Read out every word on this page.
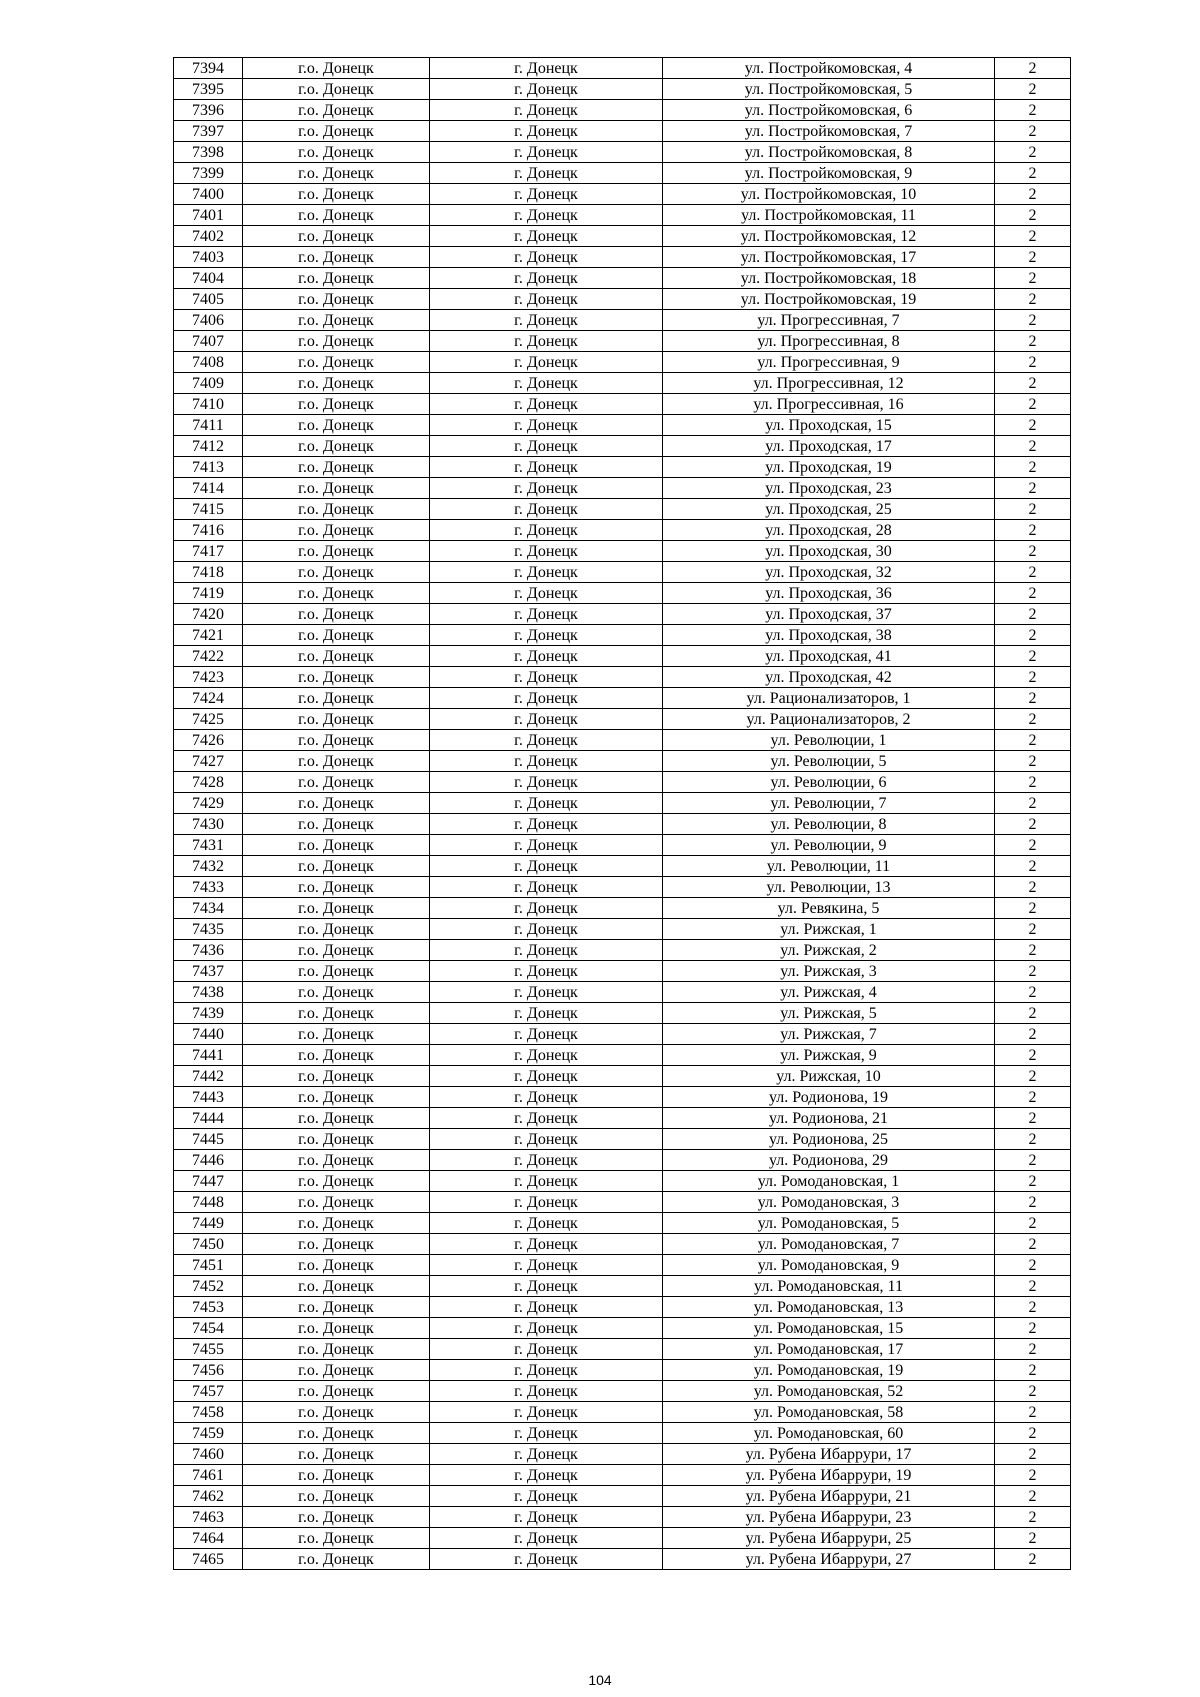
7394	г.о. Донецк	г. Донецк	ул. Постройкомовская, 4	2
7395	г.о. Донецк	г. Донецк	ул. Постройкомовская, 5	2
7396	г.о. Донецк	г. Донецк	ул. Постройкомовская, 6	2
7397	г.о. Донецк	г. Донецк	ул. Постройкомовская, 7	2
7398	г.о. Донецк	г. Донецк	ул. Постройкомовская, 8	2
7399	г.о. Донецк	г. Донецк	ул. Постройкомовская, 9	2
7400	г.о. Донецк	г. Донецк	ул. Постройкомовская, 10	2
7401	г.о. Донецк	г. Донецк	ул. Постройкомовская, 11	2
7402	г.о. Донецк	г. Донецк	ул. Постройкомовская, 12	2
7403	г.о. Донецк	г. Донецк	ул. Постройкомовская, 17	2
7404	г.о. Донецк	г. Донецк	ул. Постройкомовская, 18	2
7405	г.о. Донецк	г. Донецк	ул. Постройкомовская, 19	2
7406	г.о. Донецк	г. Донецк	ул. Прогрессивная, 7	2
7407	г.о. Донецк	г. Донецк	ул. Прогрессивная, 8	2
7408	г.о. Донецк	г. Донецк	ул. Прогрессивная, 9	2
7409	г.о. Донецк	г. Донецк	ул. Прогрессивная, 12	2
7410	г.о. Донецк	г. Донецк	ул. Прогрессивная, 16	2
7411	г.о. Донецк	г. Донецк	ул. Проходская, 15	2
7412	г.о. Донецк	г. Донецк	ул. Проходская, 17	2
7413	г.о. Донецк	г. Донецк	ул. Проходская, 19	2
7414	г.о. Донецк	г. Донецк	ул. Проходская, 23	2
7415	г.о. Донецк	г. Донецк	ул. Проходская, 25	2
7416	г.о. Донецк	г. Донецк	ул. Проходская, 28	2
7417	г.о. Донецк	г. Донецк	ул. Проходская, 30	2
7418	г.о. Донецк	г. Донецк	ул. Проходская, 32	2
7419	г.о. Донецк	г. Донецк	ул. Проходская, 36	2
7420	г.о. Донецк	г. Донецк	ул. Проходская, 37	2
7421	г.о. Донецк	г. Донецк	ул. Проходская, 38	2
7422	г.о. Донецк	г. Донецк	ул. Проходская, 41	2
7423	г.о. Донецк	г. Донецк	ул. Проходская, 42	2
7424	г.о. Донецк	г. Донецк	ул. Рационализаторов, 1	2
7425	г.о. Донецк	г. Донецк	ул. Рационализаторов, 2	2
7426	г.о. Донецк	г. Донецк	ул. Революции, 1	2
7427	г.о. Донецк	г. Донецк	ул. Революции, 5	2
7428	г.о. Донецк	г. Донецк	ул. Революции, 6	2
7429	г.о. Донецк	г. Донецк	ул. Революции, 7	2
7430	г.о. Донецк	г. Донецк	ул. Революции, 8	2
7431	г.о. Донецк	г. Донецк	ул. Революции, 9	2
7432	г.о. Донецк	г. Донецк	ул. Революции, 11	2
7433	г.о. Донецк	г. Донецк	ул. Революции, 13	2
7434	г.о. Донецк	г. Донецк	ул. Ревякина, 5	2
7435	г.о. Донецк	г. Донецк	ул. Рижская, 1	2
7436	г.о. Донецк	г. Донецк	ул. Рижская, 2	2
7437	г.о. Донецк	г. Донецк	ул. Рижская, 3	2
7438	г.о. Донецк	г. Донецк	ул. Рижская, 4	2
7439	г.о. Донецк	г. Донецк	ул. Рижская, 5	2
7440	г.о. Донецк	г. Донецк	ул. Рижская, 7	2
7441	г.о. Донецк	г. Донецк	ул. Рижская, 9	2
7442	г.о. Донецк	г. Донецк	ул. Рижская, 10	2
7443	г.о. Донецк	г. Донецк	ул. Родионова, 19	2
7444	г.о. Донецк	г. Донецк	ул. Родионова, 21	2
7445	г.о. Донецк	г. Донецк	ул. Родионова, 25	2
7446	г.о. Донецк	г. Донецк	ул. Родионова, 29	2
7447	г.о. Донецк	г. Донецк	ул. Ромодановская, 1	2
7448	г.о. Донецк	г. Донецк	ул. Ромодановская, 3	2
7449	г.о. Донецк	г. Донецк	ул. Ромодановская, 5	2
7450	г.о. Донецк	г. Донецк	ул. Ромодановская, 7	2
7451	г.о. Донецк	г. Донецк	ул. Ромодановская, 9	2
7452	г.о. Донецк	г. Донецк	ул. Ромодановская, 11	2
7453	г.о. Донецк	г. Донецк	ул. Ромодановская, 13	2
7454	г.о. Донецк	г. Донецк	ул. Ромодановская, 15	2
7455	г.о. Донецк	г. Донецк	ул. Ромодановская, 17	2
7456	г.о. Донецк	г. Донецк	ул. Ромодановская, 19	2
7457	г.о. Донецк	г. Донецк	ул. Ромодановская, 52	2
7458	г.о. Донецк	г. Донецк	ул. Ромодановская, 58	2
7459	г.о. Донецк	г. Донецк	ул. Ромодановская, 60	2
7460	г.о. Донецк	г. Донецк	ул. Рубена Ибаррури, 17	2
7461	г.о. Донецк	г. Донецк	ул. Рубена Ибаррури, 19	2
7462	г.о. Донецк	г. Донецк	ул. Рубена Ибаррури, 21	2
7463	г.о. Донецк	г. Донецк	ул. Рубена Ибаррури, 23	2
7464	г.о. Донецк	г. Донецк	ул. Рубена Ибаррури, 25	2
7465	г.о. Донецк	г. Донецк	ул. Рубена Ибаррури, 27	2
104
